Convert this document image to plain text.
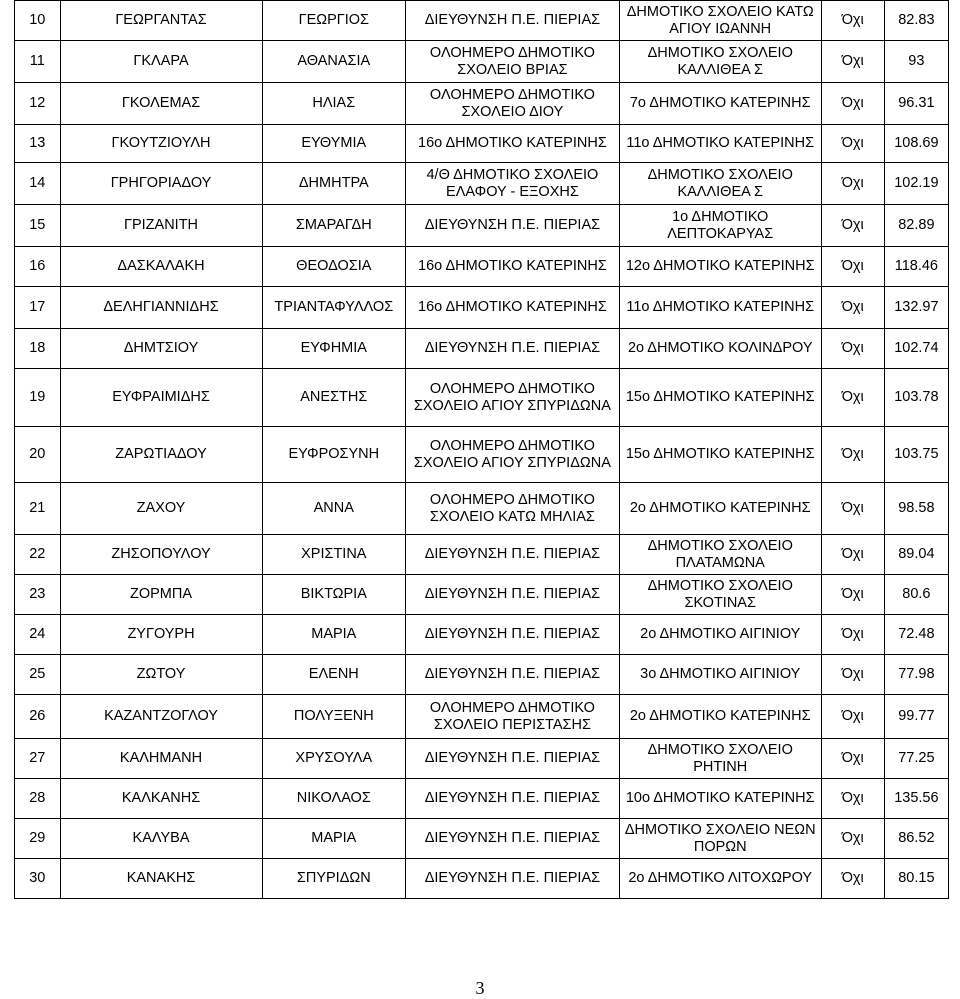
10	ΓΕΩΡΓΑΝΤΑΣ	ΓΕΩΡΓΙΟΣ	ΔΙΕΥΘΥΝΣΗ Π.Ε. ΠΙΕΡΙΑΣ	ΔΗΜΟΤΙΚΟ ΣΧΟΛΕΙΟ ΚΑΤΩ ΑΓΙΟΥ ΙΩΑΝΝΗ	Όχι	82.83
11	ΓΚΛΑΡΑ	ΑΘΑΝΑΣΙΑ	ΟΛΟΗΜΕΡΟ ΔΗΜΟΤΙΚΟ ΣΧΟΛΕΙΟ ΒΡΙΑΣ	ΔΗΜΟΤΙΚΟ ΣΧΟΛΕΙΟ ΚΑΛΛΙΘΕΑ Σ	Όχι	93
12	ΓΚΟΛΕΜΑΣ	ΗΛΙΑΣ	ΟΛΟΗΜΕΡΟ ΔΗΜΟΤΙΚΟ ΣΧΟΛΕΙΟ ΔΙΟΥ	7ο ΔΗΜΟΤΙΚΟ ΚΑΤΕΡΙΝΗΣ	Όχι	96.31
13	ΓΚΟΥΤΖΙΟΥΛΗ	ΕΥΘΥΜΙΑ	16ο ΔΗΜΟΤΙΚΟ ΚΑΤΕΡΙΝΗΣ	11ο ΔΗΜΟΤΙΚΟ ΚΑΤΕΡΙΝΗΣ	Όχι	108.69
14	ΓΡΗΓΟΡΙΑΔΟΥ	ΔΗΜΗΤΡΑ	4/Θ ΔΗΜΟΤΙΚΟ ΣΧΟΛΕΙΟ ΕΛΑΦΟΥ - ΕΞΟΧΗΣ	ΔΗΜΟΤΙΚΟ ΣΧΟΛΕΙΟ ΚΑΛΛΙΘΕΑ Σ	Όχι	102.19
15	ΓΡΙΖΑΝΙΤΗ	ΣΜΑΡΑΓΔΗ	ΔΙΕΥΘΥΝΣΗ Π.Ε. ΠΙΕΡΙΑΣ	1ο ΔΗΜΟΤΙΚΟ ΛΕΠΤΟΚΑΡΥΑΣ	Όχι	82.89
16	ΔΑΣΚΑΛΑΚΗ	ΘΕΟΔΟΣΙΑ	16ο ΔΗΜΟΤΙΚΟ ΚΑΤΕΡΙΝΗΣ	12ο ΔΗΜΟΤΙΚΟ ΚΑΤΕΡΙΝΗΣ	Όχι	118.46
17	ΔΕΛΗΓΙΑΝΝΙΔΗΣ	ΤΡΙΑΝΤΑΦΥΛΛΟΣ	16ο ΔΗΜΟΤΙΚΟ ΚΑΤΕΡΙΝΗΣ	11ο ΔΗΜΟΤΙΚΟ ΚΑΤΕΡΙΝΗΣ	Όχι	132.97
18	ΔΗΜΤΣΙΟΥ	ΕΥΦΗΜΙΑ	ΔΙΕΥΘΥΝΣΗ Π.Ε. ΠΙΕΡΙΑΣ	2ο ΔΗΜΟΤΙΚΟ ΚΟΛΙΝΔΡΟΥ	Όχι	102.74
19	ΕΥΦΡΑΙΜΙΔΗΣ	ΑΝΕΣΤΗΣ	ΟΛΟΗΜΕΡΟ ΔΗΜΟΤΙΚΟ ΣΧΟΛΕΙΟ ΑΓΙΟΥ ΣΠΥΡΙΔΩΝΑ	15ο ΔΗΜΟΤΙΚΟ ΚΑΤΕΡΙΝΗΣ	Όχι	103.78
20	ΖΑΡΩΤΙΑΔΟΥ	ΕΥΦΡΟΣΥΝΗ	ΟΛΟΗΜΕΡΟ ΔΗΜΟΤΙΚΟ ΣΧΟΛΕΙΟ ΑΓΙΟΥ ΣΠΥΡΙΔΩΝΑ	15ο ΔΗΜΟΤΙΚΟ ΚΑΤΕΡΙΝΗΣ	Όχι	103.75
21	ΖΑΧΟΥ	ΑΝΝΑ	ΟΛΟΗΜΕΡΟ ΔΗΜΟΤΙΚΟ ΣΧΟΛΕΙΟ ΚΑΤΩ ΜΗΛΙΑΣ	2ο ΔΗΜΟΤΙΚΟ ΚΑΤΕΡΙΝΗΣ	Όχι	98.58
22	ΖΗΣΟΠΟΥΛΟΥ	ΧΡΙΣΤΙΝΑ	ΔΙΕΥΘΥΝΣΗ Π.Ε. ΠΙΕΡΙΑΣ	ΔΗΜΟΤΙΚΟ ΣΧΟΛΕΙΟ ΠΛΑΤΑΜΩΝΑ	Όχι	89.04
23	ΖΟΡΜΠΑ	ΒΙΚΤΩΡΙΑ	ΔΙΕΥΘΥΝΣΗ Π.Ε. ΠΙΕΡΙΑΣ	ΔΗΜΟΤΙΚΟ ΣΧΟΛΕΙΟ ΣΚΟΤΙΝΑΣ	Όχι	80.6
24	ΖΥΓΟΥΡΗ	ΜΑΡΙΑ	ΔΙΕΥΘΥΝΣΗ Π.Ε. ΠΙΕΡΙΑΣ	2ο ΔΗΜΟΤΙΚΟ ΑΙΓΙΝΙΟΥ	Όχι	72.48
25	ΖΩΤΟΥ	ΕΛΕΝΗ	ΔΙΕΥΘΥΝΣΗ Π.Ε. ΠΙΕΡΙΑΣ	3ο ΔΗΜΟΤΙΚΟ ΑΙΓΙΝΙΟΥ	Όχι	77.98
26	ΚΑΖΑΝΤΖΟΓΛΟΥ	ΠΟΛΥΞΕΝΗ	ΟΛΟΗΜΕΡΟ ΔΗΜΟΤΙΚΟ ΣΧΟΛΕΙΟ ΠΕΡΙΣΤΑΣΗΣ	2ο ΔΗΜΟΤΙΚΟ ΚΑΤΕΡΙΝΗΣ	Όχι	99.77
27	ΚΑΛΗΜΑΝΗ	ΧΡΥΣΟΥΛΑ	ΔΙΕΥΘΥΝΣΗ Π.Ε. ΠΙΕΡΙΑΣ	ΔΗΜΟΤΙΚΟ ΣΧΟΛΕΙΟ ΡΗΤΙΝΗ	Όχι	77.25
28	ΚΑΛΚΑΝΗΣ	ΝΙΚΟΛΑΟΣ	ΔΙΕΥΘΥΝΣΗ Π.Ε. ΠΙΕΡΙΑΣ	10ο ΔΗΜΟΤΙΚΟ ΚΑΤΕΡΙΝΗΣ	Όχι	135.56
29	ΚΑΛΥΒΑ	ΜΑΡΙΑ	ΔΙΕΥΘΥΝΣΗ Π.Ε. ΠΙΕΡΙΑΣ	ΔΗΜΟΤΙΚΟ ΣΧΟΛΕΙΟ ΝΕΩΝ ΠΟΡΩΝ	Όχι	86.52
30	ΚΑΝΑΚΗΣ	ΣΠΥΡΙΔΩΝ	ΔΙΕΥΘΥΝΣΗ Π.Ε. ΠΙΕΡΙΑΣ	2ο ΔΗΜΟΤΙΚΟ ΛΙΤΟΧΩΡΟΥ	Όχι	80.15
3
